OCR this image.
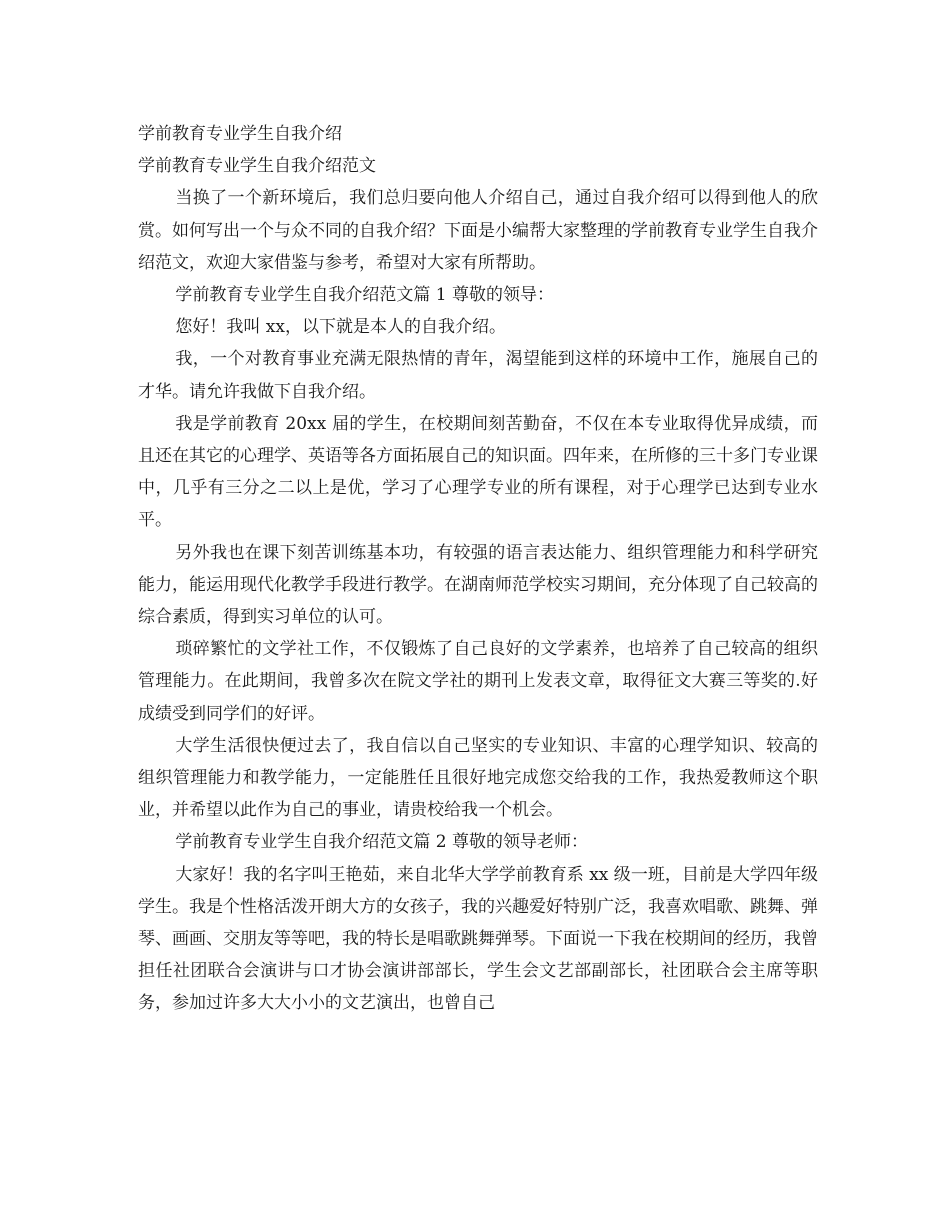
学前教育专业学生自我介绍

学前教育专业学生自我介绍范文

当换了一个新环境后，我们总归要向他人介绍自己，通过自我介绍可以得到他人的欣赏。如何写出一个与众不同的自我介绍？下面是小编帮大家整理的学前教育专业学生自我介绍范文，欢迎大家借鉴与参考，希望对大家有所帮助。

学前教育专业学生自我介绍范文篇 1 尊敬的领导：

您好！我叫 xx，以下就是本人的自我介绍。

我，一个对教育事业充满无限热情的青年，渴望能到这样的环境中工作，施展自己的才华。请允许我做下自我介绍。

我是学前教育 20xx 届的学生，在校期间刻苦勤奋，不仅在本专业取得优异成绩，而且还在其它的心理学、英语等各方面拓展自己的知识面。四年来，在所修的三十多门专业课中，几乎有三分之二以上是优，学习了心理学专业的所有课程，对于心理学已达到专业水平。

另外我也在课下刻苦训练基本功，有较强的语言表达能力、组织管理能力和科学研究能力，能运用现代化教学手段进行教学。在湖南师范学校实习期间，充分体现了自己较高的综合素质，得到实习单位的认可。

琐碎繁忙的文学社工作，不仅锻炼了自己良好的文学素养，也培养了自己较高的组织管理能力。在此期间，我曾多次在院文学社的期刊上发表文章，取得征文大赛三等奖的.好成绩受到同学们的好评。

大学生活很快便过去了，我自信以自己坚实的专业知识、丰富的心理学知识、较高的组织管理能力和教学能力，一定能胜任且很好地完成您交给我的工作，我热爱教师这个职业，并希望以此作为自己的事业，请贵校给我一个机会。

学前教育专业学生自我介绍范文篇 2 尊敬的领导老师：

大家好！我的名字叫王艳茹，来自北华大学学前教育系 xx 级一班，目前是大学四年级学生。我是个性格活泼开朗大方的女孩子，我的兴趣爱好特别广泛，我喜欢唱歌、跳舞、弹琴、画画、交朋友等等吧，我的特长是唱歌跳舞弹琴。下面说一下我在校期间的经历，我曾担任社团联合会演讲与口才协会演讲部部长，学生会文艺部副部长，社团联合会主席等职务，参加过许多大大小小的文艺演出，也曾自己
